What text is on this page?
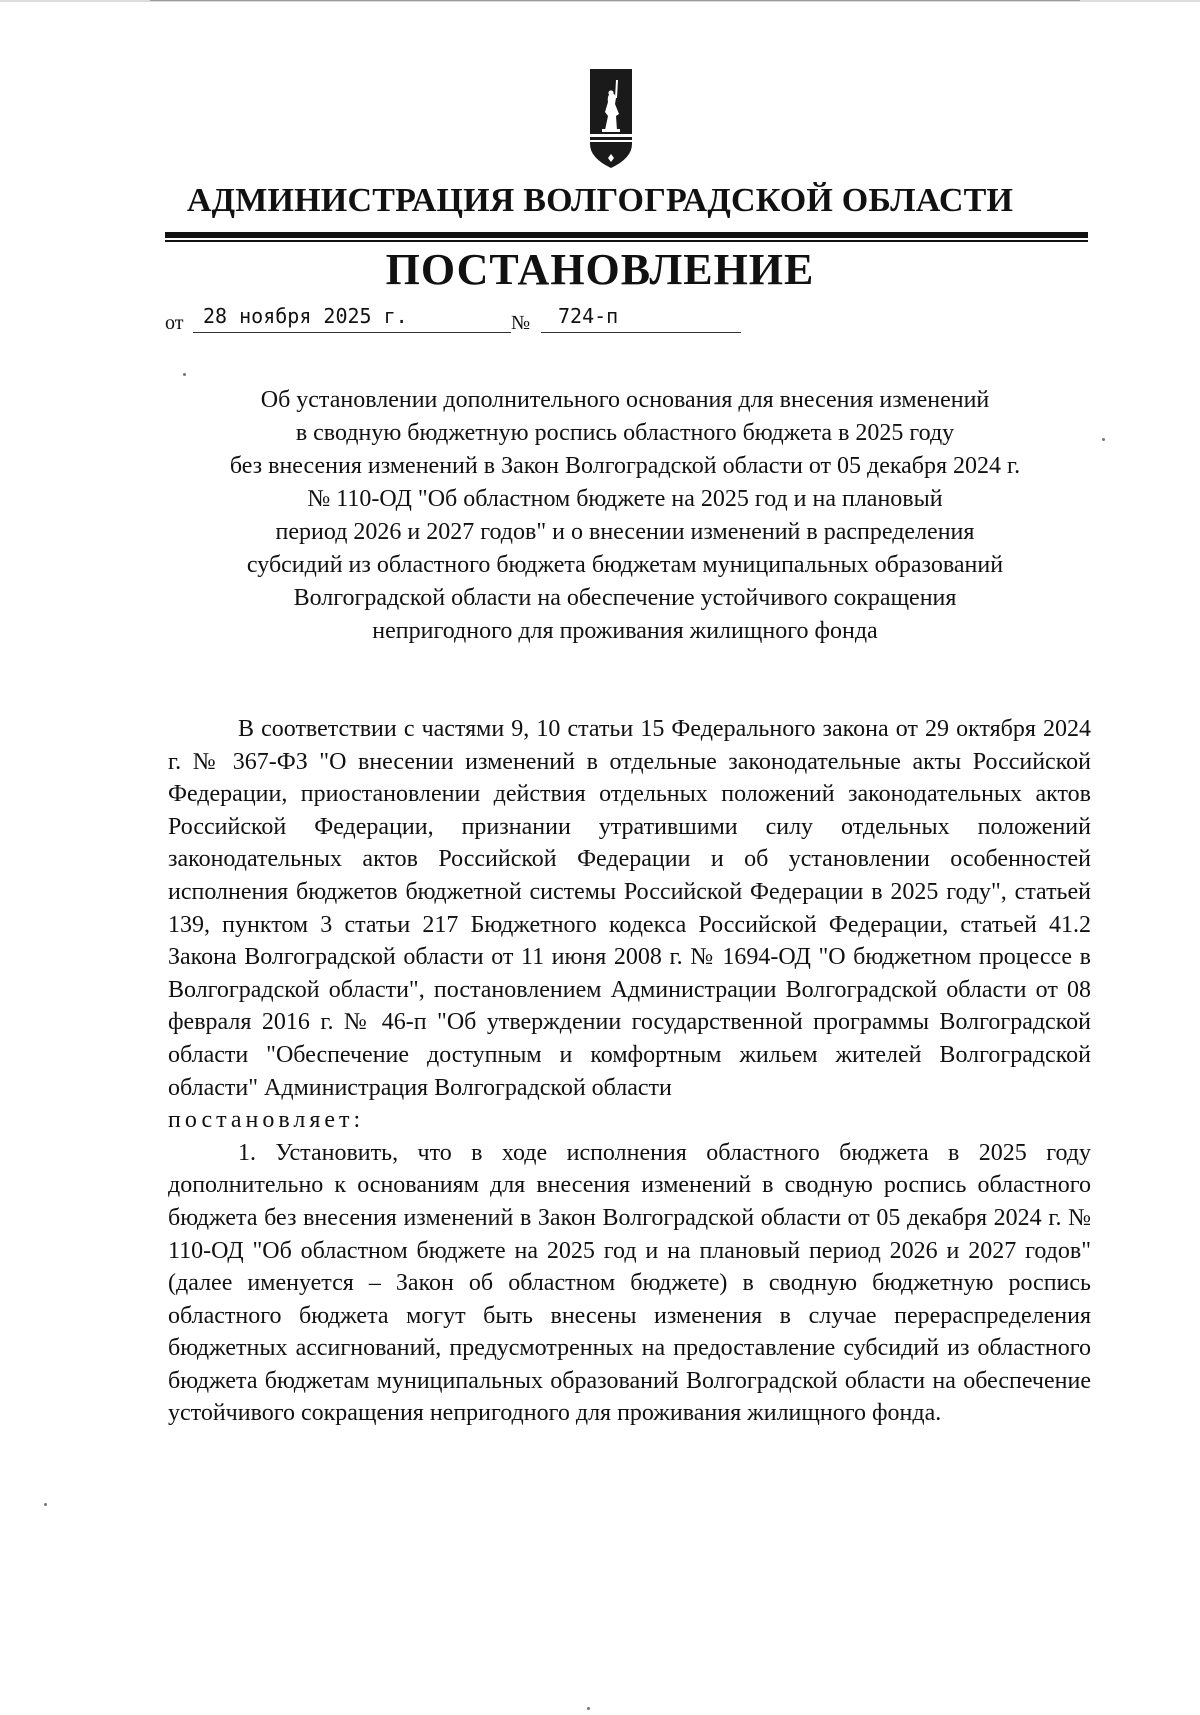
АДМИНИСТРАЦИЯ ВОЛГОГРАДСКОЙ ОБЛАСТИ
ПОСТАНОВЛЕНИЕ
от 28 ноября 2025 г.	№ 724-п
Об установлении дополнительного основания для внесения изменений
в сводную бюджетную роспись областного бюджета в 2025 году
без внесения изменений в Закон Волгоградской области от 05 декабря 2024 г.
№ 110-ОД "Об областном бюджете на 2025 год и на плановый
период 2026 и 2027 годов" и о внесении изменений в распределения
субсидий из областного бюджета бюджетам муниципальных образований
Волгоградской области на обеспечение устойчивого сокращения
непригодного для проживания жилищного фонда

В соответствии с частями 9, 10 статьи 15 Федерального закона от 29 октября 2024 г. № 367-ФЗ "О внесении изменений в отдельные законодательные акты Российской Федерации, приостановлении действия отдельных положений законодательных актов Российской Федерации, признании утратившими силу отдельных положений законодательных актов Российской Федерации и об установлении особенностей исполнения бюджетов бюджетной системы Российской Федерации в 2025 году", статьей 139, пунктом 3 статьи 217 Бюджетного кодекса Российской Федерации, статьей 41.2 Закона Волгоградской области от 11 июня 2008 г. № 1694-ОД "О бюджетном процессе в Волгоградской области", постановлением Администрации Волгоградской области от 08 февраля 2016 г. № 46-п "Об утверждении государственной программы Волгоградской области "Обеспечение доступным и комфортным жильем жителей Волгоградской области" Администрация Волгоградской области

постановляет:

1. Установить, что в ходе исполнения областного бюджета в 2025 году дополнительно к основаниям для внесения изменений в сводную роспись областного бюджета без внесения изменений в Закон Волгоградской области от 05 декабря 2024 г. № 110-ОД "Об областном бюджете на 2025 год и на плановый период 2026 и 2027 годов" (далее именуется – Закон об областном бюджете) в сводную бюджетную роспись областного бюджета могут быть внесены изменения в случае перераспределения бюджетных ассигнований, предусмотренных на предоставление субсидий из областного бюджета бюджетам муниципальных образований Волгоградской области на обеспечение устойчивого сокращения непригодного для проживания жилищного фонда.
